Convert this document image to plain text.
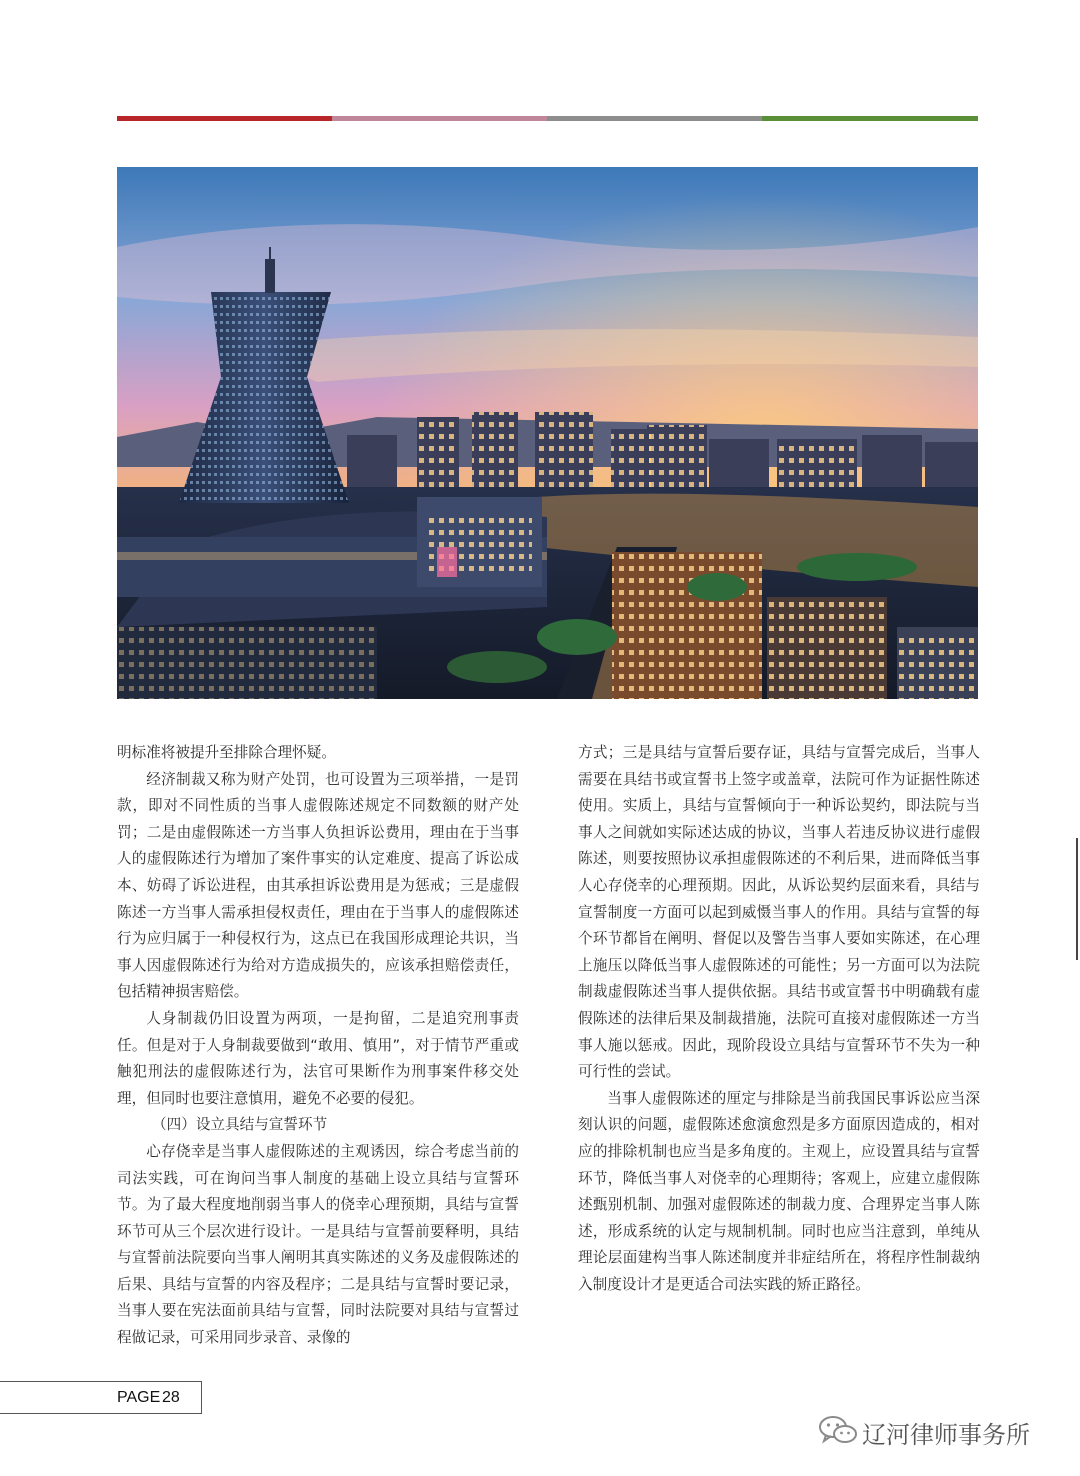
明标准将被提升至排除合理怀疑。

经济制裁又称为财产处罚，也可设置为三项举措，一是罚款，即对不同性质的当事人虚假陈述规定不同数额的财产处罚；二是由虚假陈述一方当事人负担诉讼费用，理由在于当事人的虚假陈述行为增加了案件事实的认定难度、提高了诉讼成本、妨碍了诉讼进程，由其承担诉讼费用是为惩戒；三是虚假陈述一方当事人需承担侵权责任，理由在于当事人的虚假陈述行为应归属于一种侵权行为，这点已在我国形成理论共识，当事人因虚假陈述行为给对方造成损失的，应该承担赔偿责任，包括精神损害赔偿。

人身制裁仍旧设置为两项，一是拘留，二是追究刑事责任。但是对于人身制裁要做到“敢用、慎用”，对于情节严重或触犯刑法的虚假陈述行为，法官可果断作为刑事案件移交处理，但同时也要注意慎用，避免不必要的侵犯。

（四）设立具结与宣誓环节

心存侥幸是当事人虚假陈述的主观诱因，综合考虑当前的司法实践，可在询问当事人制度的基础上设立具结与宣誓环节。为了最大程度地削弱当事人的侥幸心理预期，具结与宣誓环节可从三个层次进行设计。一是具结与宣誓前要释明，具结与宣誓前法院要向当事人阐明其真实陈述的义务及虚假陈述的后果、具结与宣誓的内容及程序；二是具结与宣誓时要记录，当事人要在宪法面前具结与宣誓，同时法院要对具结与宣誓过程做记录，可采用同步录音、录像的

方式；三是具结与宣誓后要存证，具结与宣誓完成后，当事人需要在具结书或宣誓书上签字或盖章，法院可作为证据性陈述使用。实质上，具结与宣誓倾向于一种诉讼契约，即法院与当事人之间就如实际述达成的协议，当事人若违反协议进行虚假陈述，则要按照协议承担虚假陈述的不利后果，进而降低当事人心存侥幸的心理预期。因此，从诉讼契约层面来看，具结与宣誓制度一方面可以起到威慑当事人的作用。具结与宣誓的每个环节都旨在阐明、督促以及警告当事人要如实陈述，在心理上施压以降低当事人虚假陈述的可能性；另一方面可以为法院制裁虚假陈述当事人提供依据。具结书或宣誓书中明确载有虚假陈述的法律后果及制裁措施，法院可直接对虚假陈述一方当事人施以惩戒。因此，现阶段设立具结与宣誓环节不失为一种可行性的尝试。

当事人虚假陈述的厘定与排除是当前我国民事诉讼应当深刻认识的问题，虚假陈述愈演愈烈是多方面原因造成的，相对应的排除机制也应当是多角度的。主观上，应设置具结与宣誓环节，降低当事人对侥幸的心理期待；客观上，应建立虚假陈述甄别机制、加强对虚假陈述的制裁力度、合理界定当事人陈述，形成系统的认定与规制机制。同时也应当注意到，单纯从理论层面建构当事人陈述制度并非症结所在，将程序性制裁纳入制度设计才是更适合司法实践的矫正路径。

PAGE 28
辽河律师事务所
